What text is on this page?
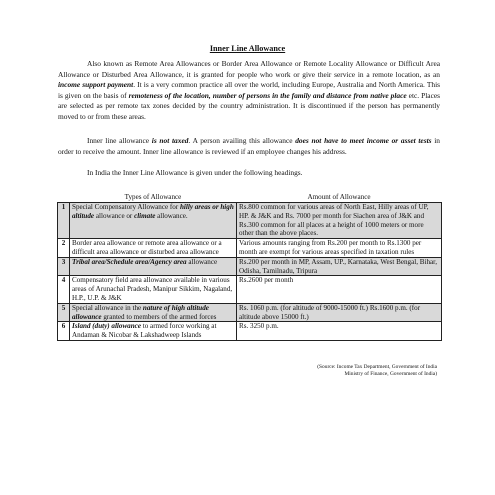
Inner Line Allowance
Also known as Remote Area Allowances or Border Area Allowance or Remote Locality Allowance or Difficult Area Allowance or Disturbed Area Allowance, it is granted for people who work or give their service in a remote location, as an income support payment. It is a very common practice all over the world, including Europe, Australia and North America. This is given on the basis of remoteness of the location, number of persons in the family and distance from native place etc. Places are selected as per remote tax zones decided by the country administration. It is discontinued if the person has permanently moved to or from these areas.
Inner line allowance is not taxed. A person availing this allowance does not have to meet income or asset tests in order to receive the amount. Inner line allowance is reviewed if an employee changes his address.
In India the Inner Line Allowance is given under the following headings.
	Types of Allowance	Amount of Allowance
1	Special Compensatory Allowance for hilly areas or high altitude allowance or climate allowance.	Rs.800 common for various areas of North East, Hilly areas of UP, HP. & J&K and Rs. 7000 per month for Siachen area of J&K and Rs.300 common for all places at a height of 1000 meters or more other than the above places.
2	Border area allowance or remote area allowance or a difficult area allowance or disturbed area allowance	Various amounts ranging from Rs.200 per month to Rs.1300 per month are exempt for various areas specified in taxation rules
3	Tribal area/Schedule area/Agency area allowance	Rs.200 per month in MP, Assam, UP., Karnataka, West Bengal, Bihar, Odisha, Tamilnadu, Tripura
4	Compensatory field area allowance available in various areas of Arunachal Pradesh, Manipur Sikkim, Nagaland, H.P., U.P. & J&K	Rs.2600 per month
5	Special allowance in the nature of high altitude allowance granted to members of the armed forces	Rs. 1060 p.m. (for altitude of 9000-15000 ft.) Rs.1600 p.m. (for altitude above 15000 ft.)
6	Island (duty) allowance to armed force working at Andaman & Nicobar & Lakshadweep Islands	Rs. 3250 p.m.
(Source: Income Tax Department, Government of India
Ministry of Finance, Government of India)
